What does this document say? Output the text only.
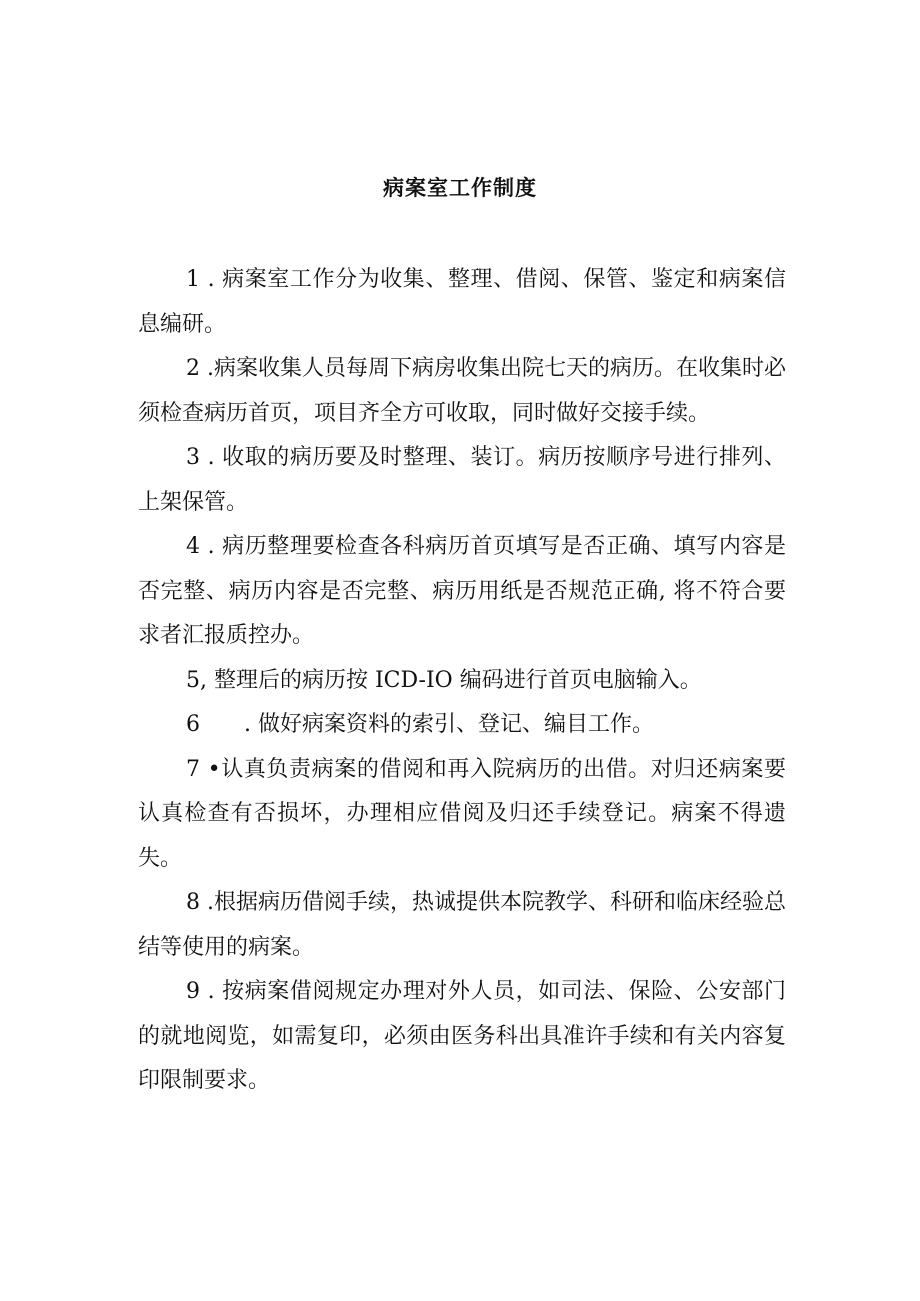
病案室工作制度

1 . 病案室工作分为收集、整理、借阅、保管、鉴定和病案信息编研。

2 .病案收集人员每周下病房收集出院七天的病历。在收集时必须检查病历首页，项目齐全方可收取，同时做好交接手续。

3 . 收取的病历要及时整理、装订。病历按顺序号进行排列、上架保管。

4 . 病历整理要检查各科病历首页填写是否正确、填写内容是否完整、病历内容是否完整、病历用纸是否规范正确, 将不符合要求者汇报质控办。

5, 整理后的病历按 ICD-IO 编码进行首页电脑输入。

6　　. 做好病案资料的索引、登记、编目工作。

7 •认真负责病案的借阅和再入院病历的出借。对归还病案要认真检查有否损坏，办理相应借阅及归还手续登记。病案不得遗失。

8 .根据病历借阅手续，热诚提供本院教学、科研和临床经验总结等使用的病案。

9 . 按病案借阅规定办理对外人员，如司法、保险、公安部门的就地阅览，如需复印，必须由医务科出具准许手续和有关内容复印限制要求。
